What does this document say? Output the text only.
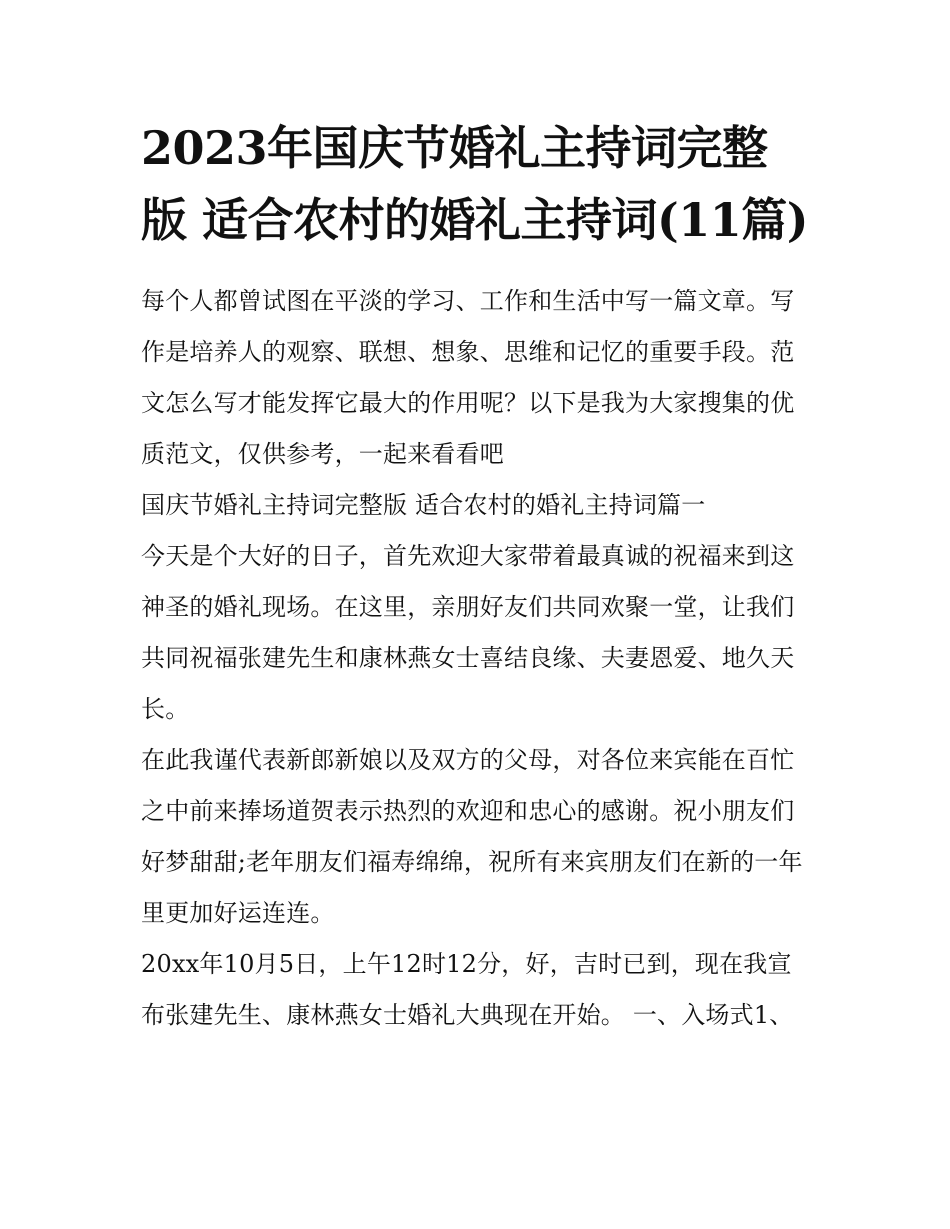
2023年国庆节婚礼主持词完整版 适合农村的婚礼主持词(11篇)

每个人都曾试图在平淡的学习、工作和生活中写一篇文章。写作是培养人的观察、联想、想象、思维和记忆的重要手段。范文怎么写才能发挥它最大的作用呢？以下是我为大家搜集的优质范文，仅供参考，一起来看看吧

国庆节婚礼主持词完整版 适合农村的婚礼主持词篇一

今天是个大好的日子，首先欢迎大家带着最真诚的祝福来到这神圣的婚礼现场。在这里，亲朋好友们共同欢聚一堂，让我们共同祝福张建先生和康林燕女士喜结良缘、夫妻恩爱、地久天长。

在此我谨代表新郎新娘以及双方的父母，对各位来宾能在百忙之中前来捧场道贺表示热烈的欢迎和忠心的感谢。祝小朋友们好梦甜甜;老年朋友们福寿绵绵，祝所有来宾朋友们在新的一年里更加好运连连。

20xx年10月5日，上午12时12分，好，吉时已到，现在我宣布张建先生、康林燕女士婚礼大典现在开始。 一、入场式1、
